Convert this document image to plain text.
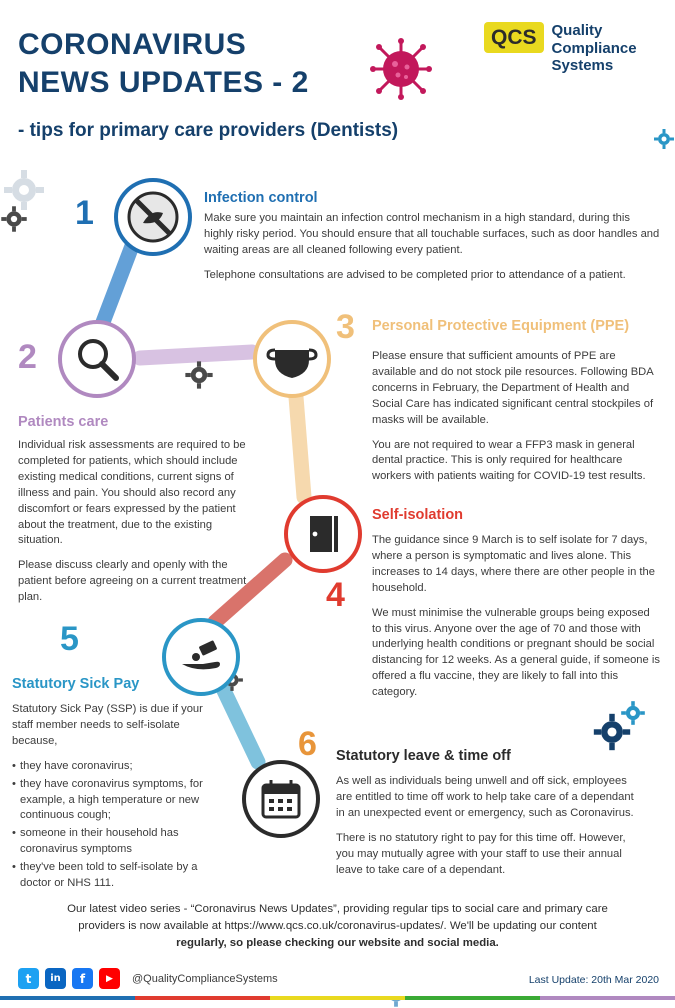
CORONAVIRUS
NEWS UPDATES - 2
- tips for primary care providers (Dentists)
QCS	Quality
Compliance
Systems
1	Infection control

Make sure you maintain an infection control mechanism in a high standard, during this highly risky period. You should ensure that all touchable surfaces, such as door handles and waiting areas are all cleaned following every patient.

Telephone consultations are advised to be completed prior to attendance of a patient.

2
Patients care

Individual risk assessments are required to be completed for patients, which should include existing medical conditions, current signs of illness and pain. You should also record any discomfort or fears expressed by the patient about the treatment, due to the existing situation.

Please discuss clearly and openly with the patient before agreeing on a current treatment plan.

3 Personal Protective Equipment (PPE)

Please ensure that sufficient amounts of PPE are available and do not stock pile resources. Following BDA concerns in February, the Department of Health and Social Care has indicated significant central stockpiles of masks will be available.

You are not required to wear a FFP3 mask in general dental practice. This is only required for healthcare workers with patients waiting for COVID-19 test results.

4
Self-isolation

The guidance since 9 March is to self isolate for 7 days, where a person is symptomatic and lives alone. This increases to 14 days, where there are other people in the household.

We must minimise the vulnerable groups being exposed to this virus. Anyone over the age of 70 and those with underlying health conditions or pregnant should be social distancing for 12 weeks. As a general guide, if someone is offered a flu vaccine, they are likely to fall into this category.

5
Statutory Sick Pay

Statutory Sick Pay (SSP) is due if your staff member needs to self-isolate because,

• they have coronavirus;
• they have coronavirus symptoms, for example, a high temperature or new continuous cough;
• someone in their household has coronavirus symptoms
• they've been told to self-isolate by a doctor or NHS 111.
6 Statutory leave & time off

As well as individuals being unwell and off sick, employees are entitled to time off work to help take care of a dependant in an unexpected event or emergency, such as Coronavirus.

There is no statutory right to pay for this time off. However, you may mutually agree with your staff to use their annual leave to take care of a dependant.

Our latest video series - “Coronavirus News Updates”, providing regular tips to social care and primary care
providers is now available at https://www.qcs.co.uk/coronavirus-updates/. We'll be updating our content
regularly, so please checking our website and social media.
t	in	f	▶	@QualityComplianceSystems	Last Update: 20th Mar 2020
